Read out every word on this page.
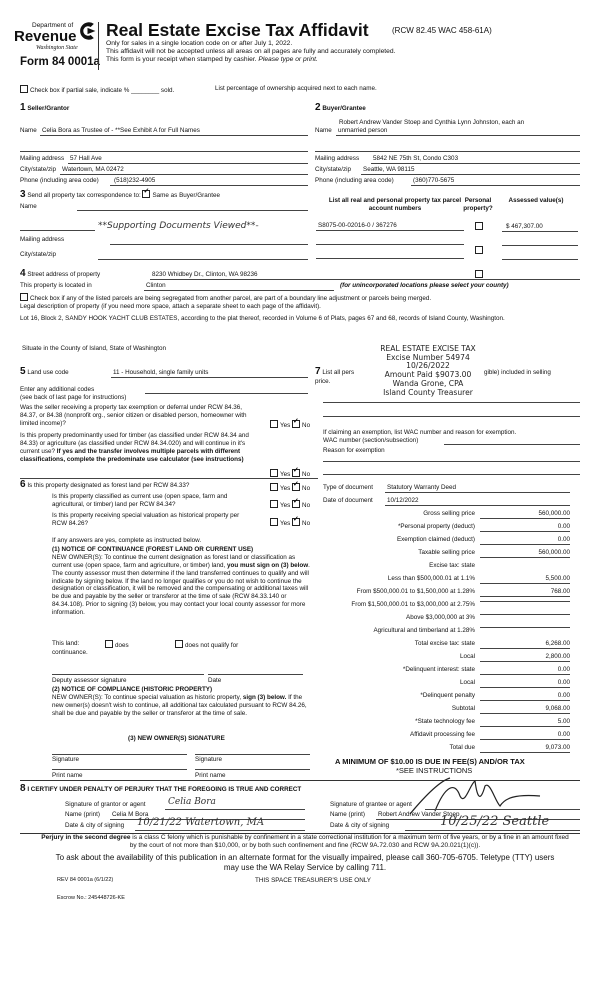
Department of
Revenue
Washington State
Form 84 0001a
Real Estate Excise Tax Affidavit	(RCW 82.45 WAC 458-61A)
Only for sales in a single location code on or after July 1, 2022.
This affidavit will not be accepted unless all areas on all pages are fully and accurately completed.
This form is your receipt when stamped by cashier. Please type or print.
Check box if partial sale, indicate % ________ sold.	List percentage of ownership acquired next to each name.
1 Seller/Grantor
Name Celia Bora as Trustee of - **See Exhibit A for Full Names
Mailing address 57 Hall Ave
City/state/zip Watertown, MA 02472
Phone (including area code) (518)232-4905
2 Buyer/Grantee
Robert Andrew Vander Stoep and Cynthia Lynn Johnston, each an
Name unmarried person
Mailing address 5842 NE 75th St, Condo C303
City/state/zip Seattle, WA 98115
Phone (including area code)	(360)770-5675
3 Send all property tax correspondence to: ✓ Same as Buyer/Grantee
Name
**Supporting Documents Viewed**-
Mailing address
City/state/zip
List all real and personal property tax parcel account numbers
Personal property?
Assessed value(s)
S8075-00-02016-0 / 367276	$ 467,307.00
4 Street address of property	8230 Whidbey Dr., Clinton, WA 98236
This property is located in	Clinton	(for unincorporated locations please select your county)
Check box if any of the listed parcels are being segregated from another parcel, are part of a boundary line adjustment or parcels being merged.
Legal description of property (if you need more space, attach a separate sheet to each page of the affidavit).
Lot 16, Block 2, SANDY HOOK YACHT CLUB ESTATES, according to the plat thereof, recorded in Volume 6 of Plats, pages 67 and 68, records of Island County, Washington.
Situate in the County of Island, State of Washington	REAL ESTATE EXCISE TAX
Excise Number 54974
10/26/2022
Amount Paid $9073.00
Wanda Grone, CPA
Island County Treasurer
5 Land use code	11 - Household, single family units
Enter any additional codes
(see back of last page for instructions)
Was the seller receiving a property tax exemption or deferral under RCW 84.36, 84.37, or 84.38 (nonprofit org., senior citizen or disabled person, homeowner with limited income)?	Yes ✓ No
Is this property predominantly used for timber (as classified under RCW 84.34 and 84.33) or agriculture (as classified under RCW 84.34.020) and will continue in it's current use? If yes and the transfer involves multiple parcels with different classifications, complete the predominate use calculator (see instructions)
Yes ✓ No
7 List all pers	gible) included in selling
price.
If claiming an exemption, list WAC number and reason for exemption.
WAC number (section/subsection)
Reason for exemption
6 Is this property designated as forest land per RCW 84.33?	Yes ✓ No
Is this property classified as current use (open space, farm and agricultural, or timber) land per RCW 84.34?	Yes ✓ No
Is this property receiving special valuation as historical property per RCW 84.26?	Yes ✓ No
If any answers are yes, complete as instructed below.
(1) NOTICE OF CONTINUANCE (FOREST LAND OR CURRENT USE)
NEW OWNER(S): To continue the current designation as forest land or classification as current use (open space, farm and agriculture, or timber) land, you must sign on (3) below. The county assessor must then determine if the land transferred continues to qualify and will indicate by signing below. If the land no longer qualifies or you do not wish to continue the designation or classification, it will be removed and the compensating or additional taxes will be due and payable by the seller or transferor at the time of sale (RCW 84.33.140 or 84.34.108). Prior to signing (3) below, you may contact your local county assessor for more information.
This land:	does	does not qualify for
continuance.
Deputy assessor signature	Date
(2) NOTICE OF COMPLIANCE (HISTORIC PROPERTY)
NEW OWNER(S): To continue special valuation as historic property, sign (3) below. If the new owner(s) doesn't wish to continue, all additional tax calculated pursuant to RCW 84.26, shall be due and payable by the seller or transferor at the time of sale.
(3) NEW OWNER(S) SIGNATURE
Signature	Signature
Print name	Print name
Type of document Statutory Warranty Deed
Date of document 10/12/2022
Gross selling price	560,000.00
*Personal property (deduct)	0.00
Exemption claimed (deduct)	0.00
Taxable selling price	560,000.00
Excise tax: state
Less than $500,000.01 at 1.1%	5,500.00
From $500,000.01 to $1,500,000 at 1.28%	768.00
From $1,500,000.01 to $3,000,000 at 2.75%
Above $3,000,000 at 3%
Agricultural and timberland at 1.28%
Total excise tax: state	6,268.00
Local	2,800.00
*Delinquent interest: state	0.00
Local	0.00
*Delinquent penalty	0.00
Subtotal	9,068.00
*State technology fee	5.00
Affidavit processing fee	0.00
Total due	9,073.00
A MINIMUM OF $10.00 IS DUE IN FEE(S) AND/OR TAX
*SEE INSTRUCTIONS
8 I CERTIFY UNDER PENALTY OF PERJURY THAT THE FOREGOING IS TRUE AND CORRECT
Signature of grantor or agent Celia Bora
Name (print) Celia M Bora
Date & city of signing 10/21/22 Watertown, MA
Signature of grantee or agent
Name (print) Robert Andrew Vander Stoep
Date & city of signing	10/25/22 Seattle
Perjury in the second degree is a class C felony which is punishable by confinement in a state correctional institution for a maximum term of five years, or by a fine in an amount fixed by the court of not more than $10,000, or by both such confinement and fine (RCW 9A.72.030 and RCW 9A.20.021(1)(c)).
To ask about the availability of this publication in an alternate format for the visually impaired, please call 360-705-6705. Teletype (TTY) users may use the WA Relay Service by calling 711.
REV 84 0001a (6/1/22)	THIS SPACE TREASURER'S USE ONLY
Escrow No.: 245448726-KE
